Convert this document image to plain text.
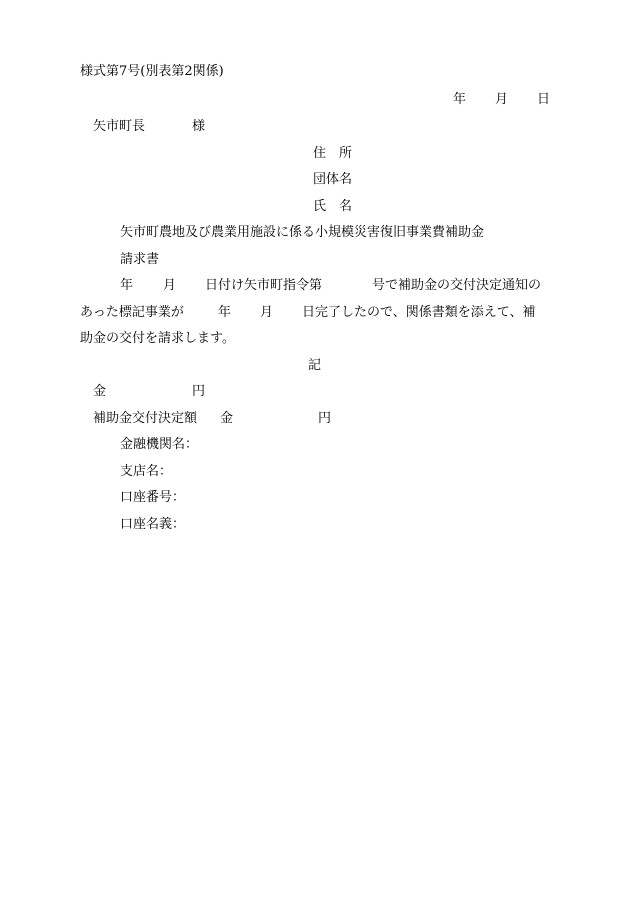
様式第7号(別表第2関係)
年 月 日
矢市町長	様
住　所
団体名
氏　名
矢市町農地及び農業用施設に係る小規模災害復旧事業費補助金
請求書
年 月 日付け矢市町指令第	号で補助金の交付決定通知の
あった標記事業が	年 月 日完了したので、関係書類を添えて、補
助金の交付を請求します。
記
金	円
補助金交付決定額 金	円
金融機関名：
支店名：
口座番号：
口座名義：
